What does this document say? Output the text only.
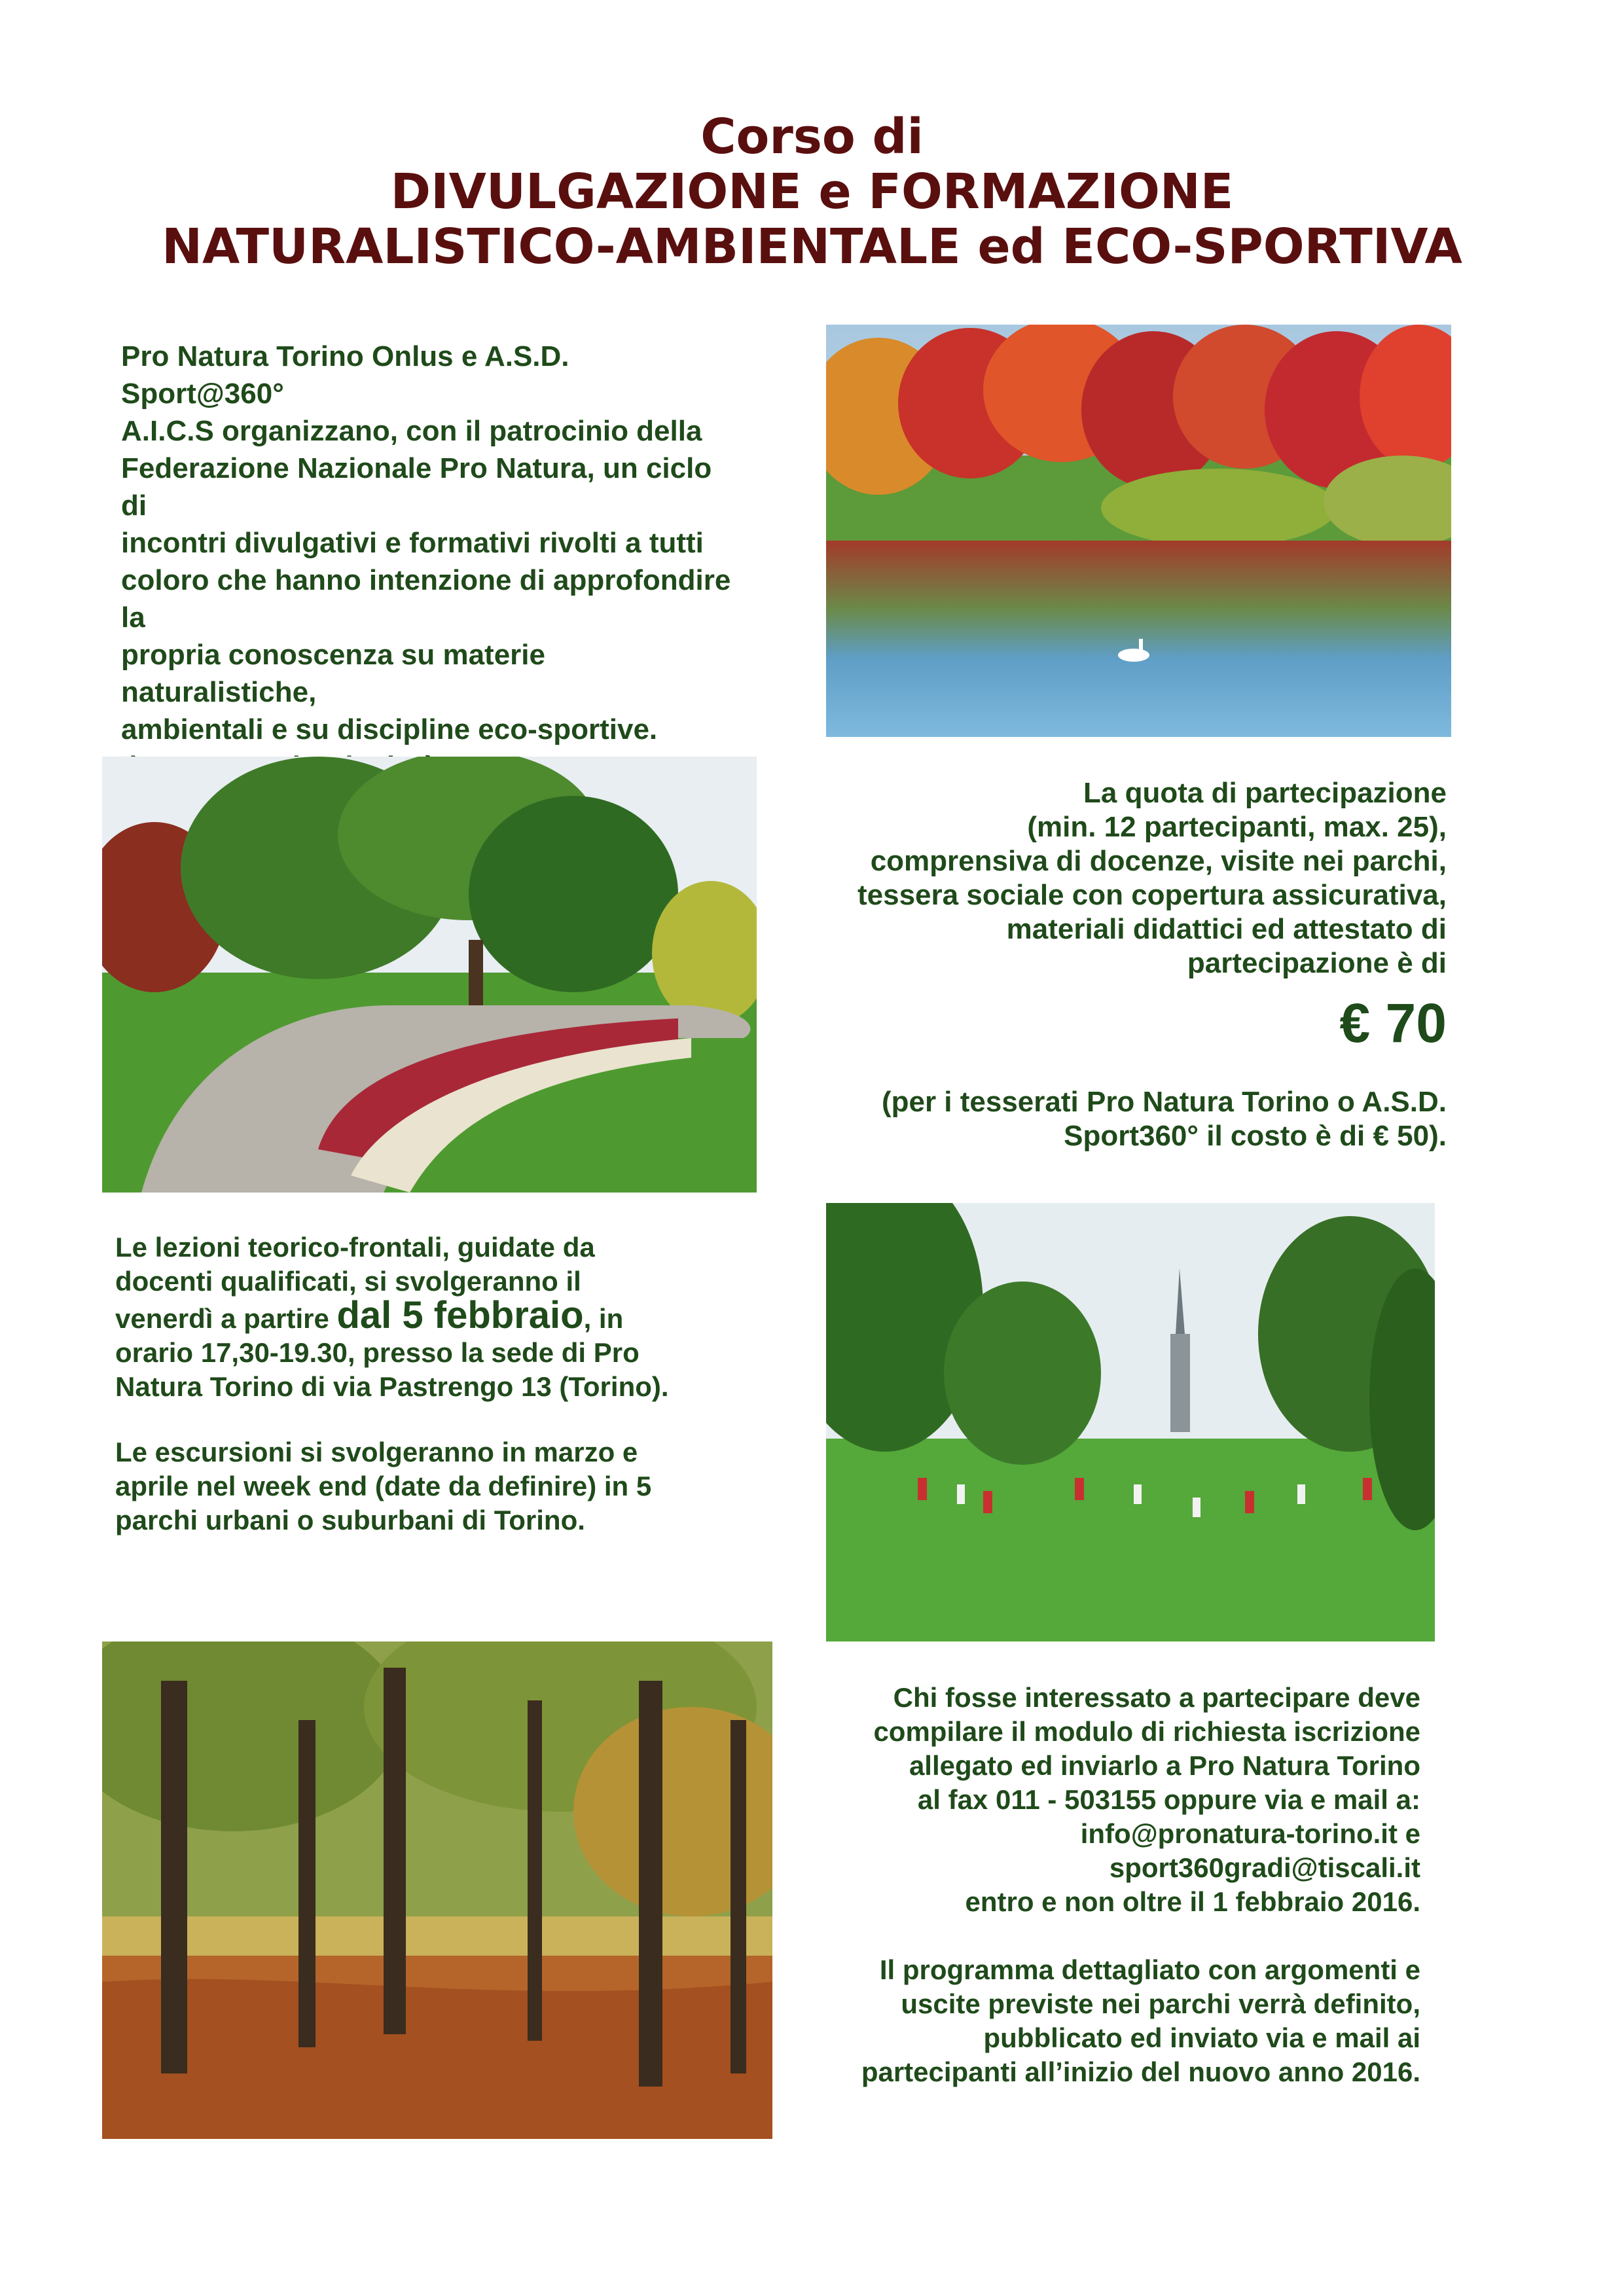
Corso di
DIVULGAZIONE e FORMAZIONE
NATURALISTICO-AMBIENTALE ed ECO-SPORTIVA

Pro Natura Torino Onlus e A.S.D. Sport@360°

A.I.C.S organizzano, con il patrocinio della

Federazione Nazionale Pro Natura, un ciclo di

incontri divulgativi e formativi rivolti a tutti

coloro che hanno intenzione di approfondire la

propria conoscenza su materie naturalistiche,

ambientali e su discipline eco-sportive.

La quota di partecipazione

(min. 12 partecipanti, max. 25),

comprensiva di docenze, visite nei parchi,

tessera sociale con copertura assicurativa,

materiali didattici ed attestato di

partecipazione è di

€ 70

(per i tesserati Pro Natura Torino o A.S.D.

Sport360° il costo è di € 50).

Le lezioni teorico-frontali, guidate da

docenti qualificati, si svolgeranno il

venerdì a partire dal 5 febbraio, in

orario 17,30-19.30, presso la sede di Pro

Natura Torino di via Pastrengo 13 (Torino).

Le escursioni si svolgeranno in marzo e

aprile nel week end (date da definire) in 5

parchi urbani o suburbani di Torino.

Chi fosse interessato a partecipare deve

compilare il modulo di richiesta iscrizione

allegato ed inviarlo a Pro Natura Torino

al fax 011 - 503155 oppure via e mail a:

info@pronatura-torino.it e

sport360gradi@tiscali.it

entro e non oltre il 1 febbraio 2016.

Il programma dettagliato con argomenti e

uscite previste nei parchi verrà definito,

pubblicato ed inviato via e mail ai

partecipanti all’inizio del nuovo anno 2016.
